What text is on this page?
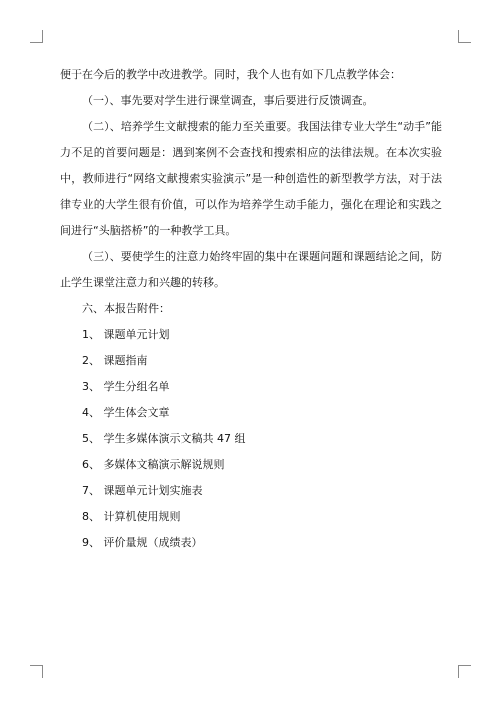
便于在今后的教学中改进教学。同时，我个人也有如下几点教学体会：

（一）、事先要对学生进行课堂调查，事后要进行反馈调查。

（二）、培养学生文献搜索的能力至关重要。我国法律专业大学生“动手”能力不足的首要问题是：遇到案例不会查找和搜索相应的法律法规。在本次实验中，教师进行“网络文献搜索实验演示”是一种创造性的新型教学方法，对于法律专业的大学生很有价值，可以作为培养学生动手能力，强化在理论和实践之间进行“头脑搭桥”的一种教学工具。

（三）、要使学生的注意力始终牢固的集中在课题问题和课题结论之间，防止学生课堂注意力和兴趣的转移。

六、本报告附件：

1、 课题单元计划
2、 课题指南
3、 学生分组名单
4、 学生体会文章
5、 学生多媒体演示文稿共 47 组
6、 多媒体文稿演示解说规则
7、 课题单元计划实施表
8、 计算机使用规则
9、 评价量规（成绩表）
